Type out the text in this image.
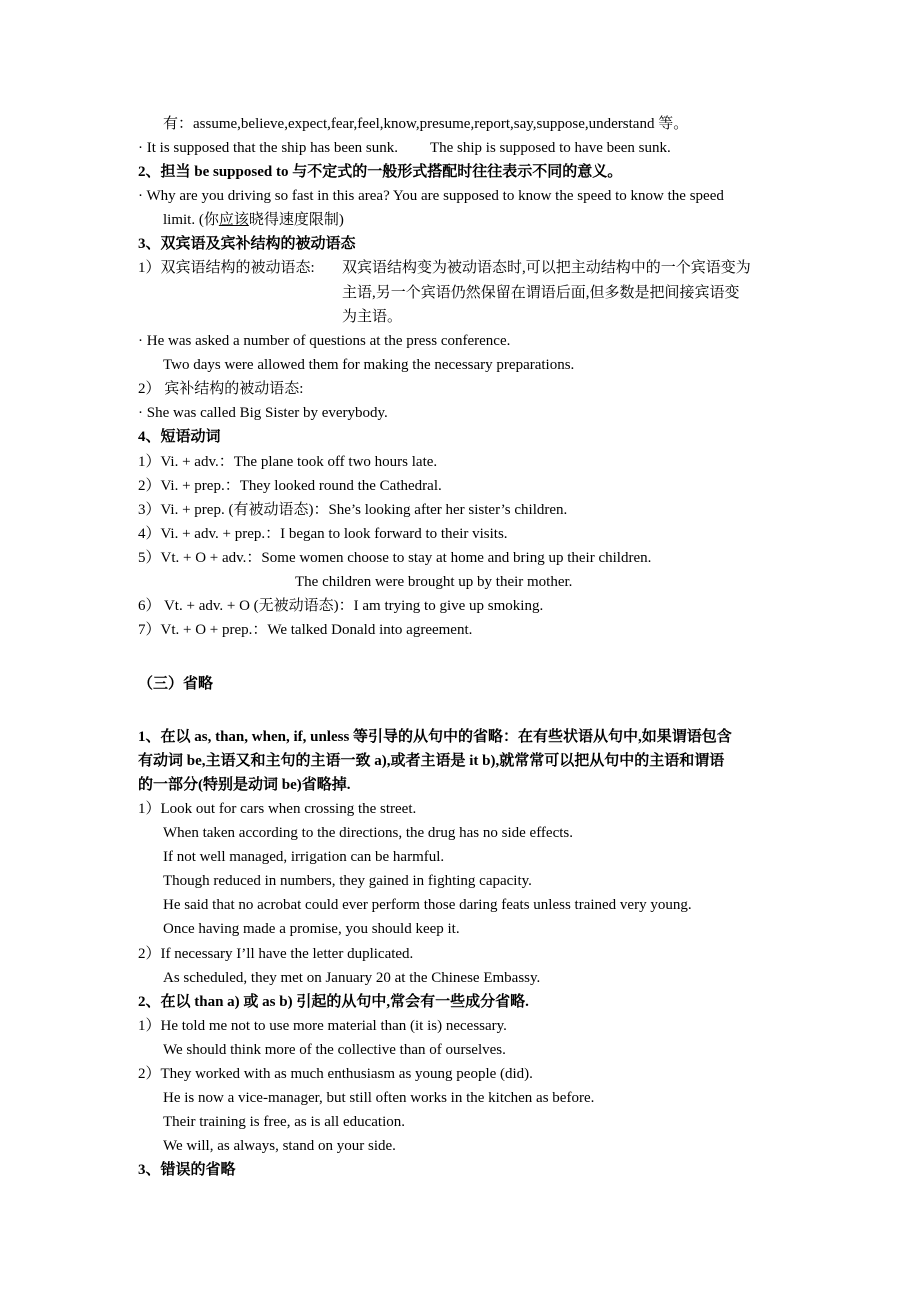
有：assume,believe,expect,fear,feel,know,presume,report,say,suppose,understand 等。
· It is supposed that the ship has been sunk. The ship is supposed to have been sunk.
2、担当 be supposed to 与不定式的一般形式搭配时往往表示不同的意义。
· Why are you driving so fast in this area? You are supposed to know the speed to know the speed
limit. (你应该晓得速度限制)
3、双宾语及宾补结构的被动语态
1）双宾语结构的被动语态: 双宾语结构变为被动语态时,可以把主动结构中的一个宾语变为
主语,另一个宾语仍然保留在谓语后面,但多数是把间接宾语变
为主语。
· He was asked a number of questions at the press conference.
Two days were allowed them for making the necessary preparations.
2） 宾补结构的被动语态:
· She was called Big Sister by everybody.
4、短语动词
1）Vi. + adv.：The plane took off two hours late.
2）Vi. + prep.：They looked round the Cathedral.
3）Vi. + prep. (有被动语态)：She’s looking after her sister’s children.
4）Vi. + adv. + prep.：I began to look forward to their visits.
5）Vt. + O + adv.：Some women choose to stay at home and bring up their children.
The children were brought up by their mother.
6） Vt. + adv. + O (无被动语态)：I am trying to give up smoking.
7）Vt. + O + prep.：We talked Donald into agreement.
（三）省略
1、在以 as, than, when, if, unless 等引导的从句中的省略：在有些状语从句中,如果谓语包含
有动词 be,主语又和主句的主语一致 a),或者主语是 it b),就常常可以把从句中的主语和谓语
的一部分(特别是动词 be)省略掉.
1）Look out for cars when crossing the street.
When taken according to the directions, the drug has no side effects.
If not well managed, irrigation can be harmful.
Though reduced in numbers, they gained in fighting capacity.
He said that no acrobat could ever perform those daring feats unless trained very young.
Once having made a promise, you should keep it.
2）If necessary I’ll have the letter duplicated.
As scheduled, they met on January 20 at the Chinese Embassy.
2、在以 than a) 或 as b) 引起的从句中,常会有一些成分省略.
1）He told me not to use more material than (it is) necessary.
We should think more of the collective than of ourselves.
2）They worked with as much enthusiasm as young people (did).
He is now a vice-manager, but still often works in the kitchen as before.
Their training is free, as is all education.
We will, as always, stand on your side.
3、错误的省略
